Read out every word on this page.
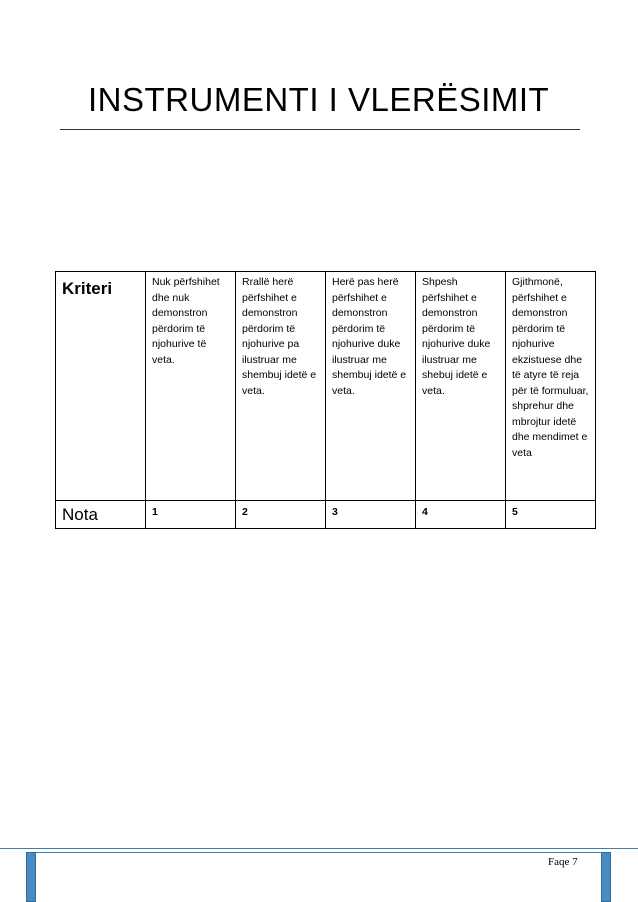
INSTRUMENTI I VLERËSIMIT
Kriteri	Nuk përfshihet dhe nuk demonstron përdorim të njohurive të veta.	Rrallë herë përfshihet e demonstron përdorim të njohurive pa ilustruar me shembuj idetë e veta.	Herë pas herë përfshihet e demonstron përdorim të njohurive duke ilustruar me shembuj idetë e veta.	Shpesh përfshihet e demonstron përdorim të njohurive duke ilustruar me shebuj idetë e veta.	Gjithmonë, përfshihet e demonstron përdorim të njohurive ekzistuese dhe të atyre të reja për të formuluar, shprehur dhe mbrojtur idetë dhe mendimet e veta

Nota	1	2	3	4	5
Faqe 7
